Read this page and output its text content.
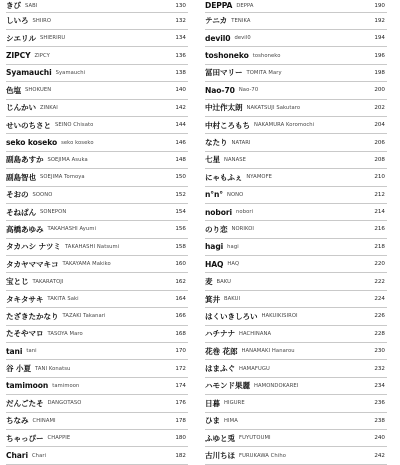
きび SABI	130
しいろ SHIIRO	132
シエリル SHIERIRU	134
ZIPCY ZIPCY	136
Syamauchi Syamauchi	138
色塩 SHOKUEN	140
じんかい ZINKAI	142
せいのちさと SEINO Chisato	144
seko koseko seko koseko	146
副島あすか SOEJIMA Asuka	148
副島智也 SOEJIMA Tomoya	150
そおの SOONO	152
そねぱん SONEPON	154
高橋あゆみ TAKAHASHI Ayumi	156
タカハシ ナツミ TAKAHASHI Natsumi	158
タカヤママキコ TAKAYAMA Makiko	160
宝とじ TAKARATOJI	162
タキタサキ TAKITA Saki	164
たざきたかなり TAZAKI Takanari	166
たそやマロ TASOYA Maro	168
tani tani	170
谷 小夏 TANI Konatsu	172
tamimoon tamimoon	174
だんごたそ DANGOTASO	176
ちなみ CHINAMI	178
ちゃっぴー CHAPPIE	180
Chari Chari	182
DEPPA DEPPA	190
テニカ TENIKA	192
devil0 devil0	194
toshoneko toshoneko	196
冨田マリー TOMITA Mary	198
Nao-70 Nao-70	200
中辻作太朗 NAKATSUJI Sakutaro	202
中村ころもち NAKAMURA Koromochi	204
なたり NATARI	206
七星 NANASE	208
にゃもふぇ NYAMOFE	210
n°n° NONO	212
nobori nobori	214
のり恋 NORIKOI	216
hagi hagi	218
HAQ HAQ	220
麦 BAKU	222
箕井 BAKUI	224
はくいきしろい HAKUIKISIROI	226
ハチナナ HACHINANA	228
花巻 花郎 HANAMAKI Hanarou	230
はまふぐ HAMAFUGU	232
ハモンド果麗 HAMONDOKAREI	234
日暮 HIGURE	236
ひま HIMA	238
ふゆと兎 FUYUTOUMI	240
古川ちほ FURUKAWA Chiho	242
